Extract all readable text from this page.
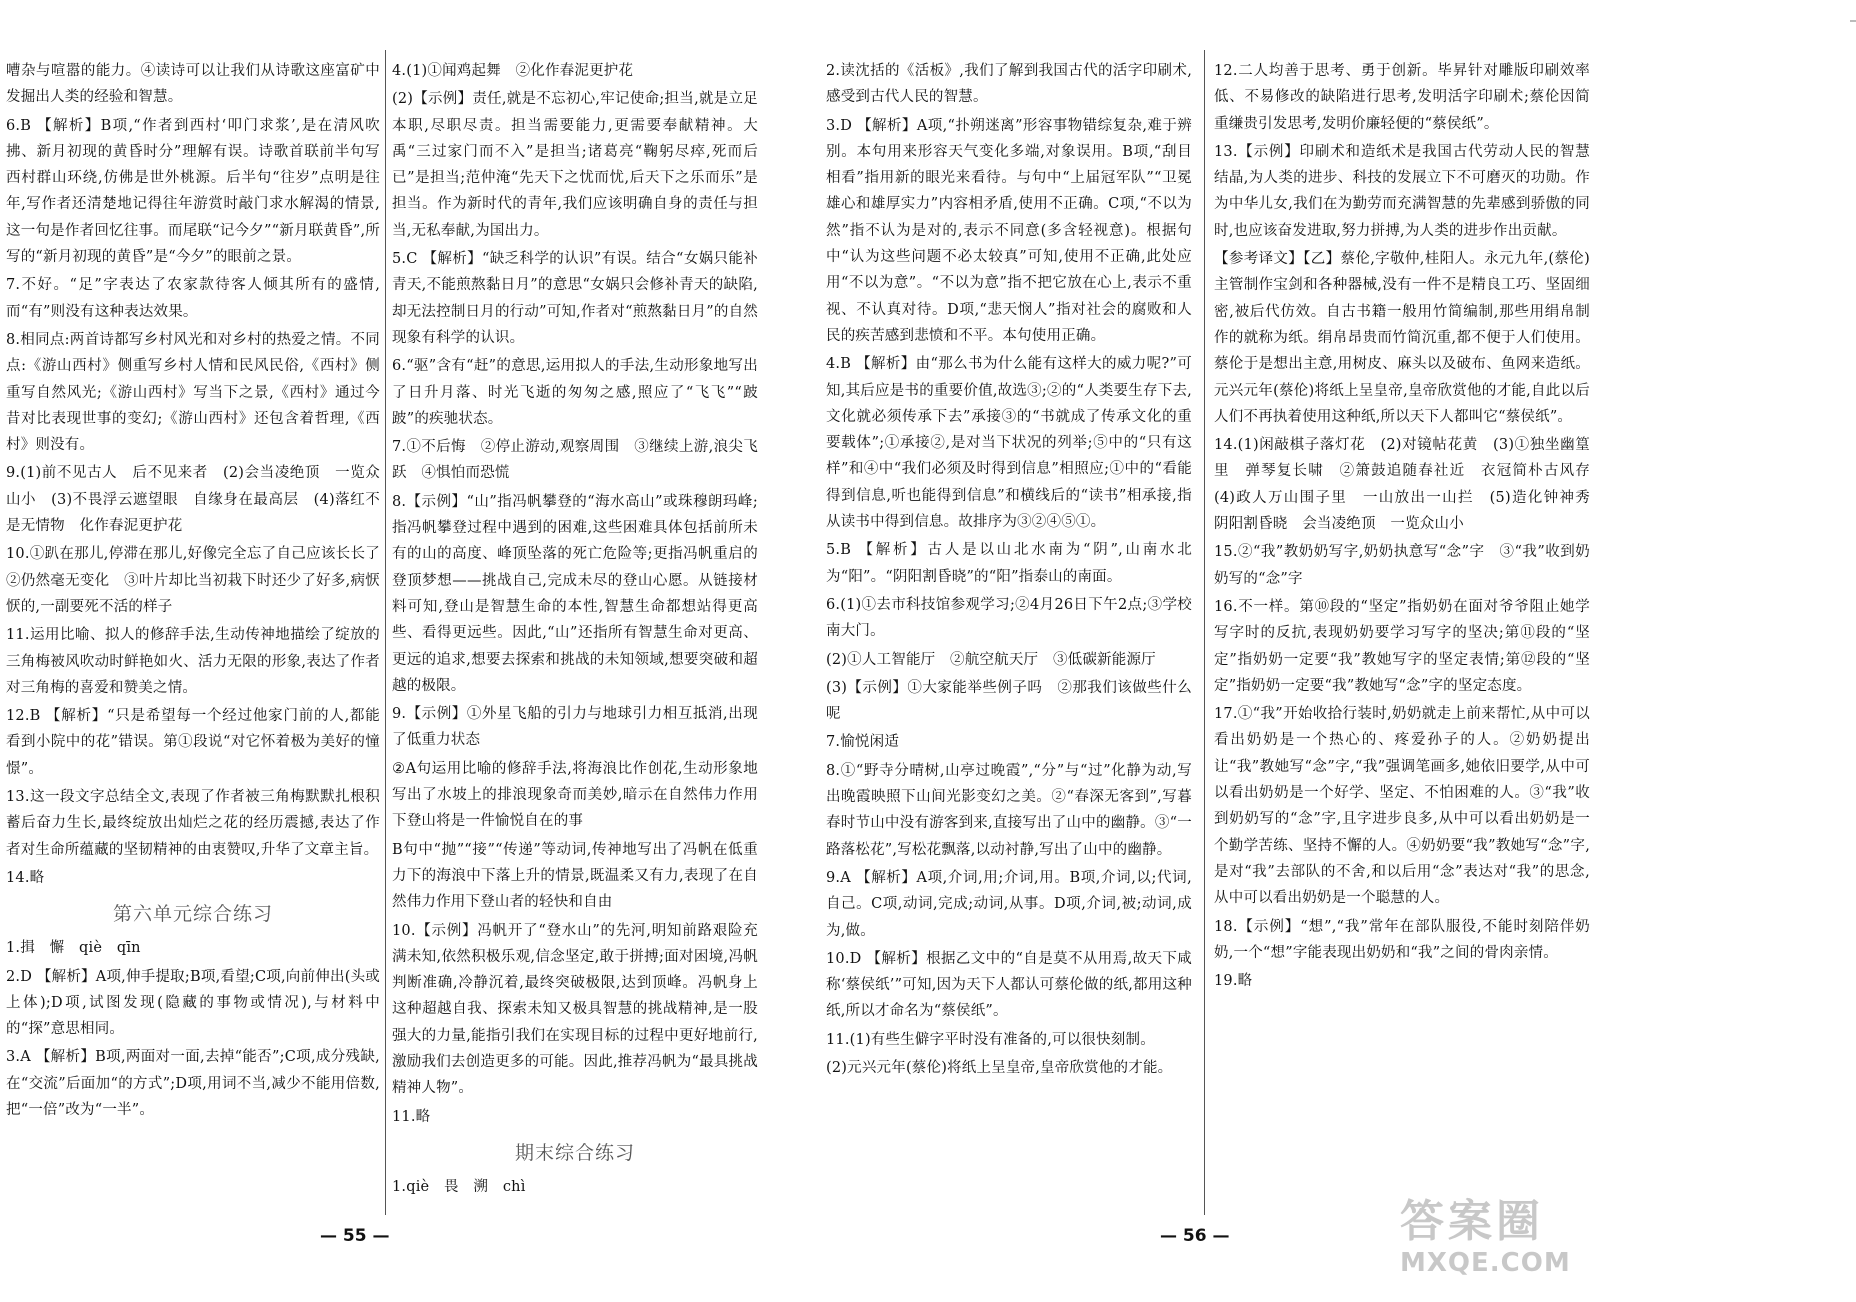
嘈杂与喧嚣的能力。④读诗可以让我们从诗歌这座富矿中发掘出人类的经验和智慧。

6.B 【解析】B项,“作者到西村‘叩门求浆’,是在清风吹拂、新月初现的黄昏时分”理解有误。诗歌首联前半句写西村群山环绕,仿佛是世外桃源。后半句“往岁”点明是往年,写作者还清楚地记得往年游赏时敲门求水解渴的情景,这一句是作者回忆往事。而尾联“记今夕”“新月联黄昏”,所写的“新月初现的黄昏”是“今夕”的眼前之景。

7.不好。“足”字表达了农家款待客人倾其所有的盛情,而“有”则没有这种表达效果。

8.相同点:两首诗都写乡村风光和对乡村的热爱之情。不同点:《游山西村》侧重写乡村人情和民风民俗,《西村》侧重写自然风光;《游山西村》写当下之景,《西村》通过今昔对比表现世事的变幻;《游山西村》还包含着哲理,《西村》则没有。

9.(1)前不见古人　后不见来者　(2)会当凌绝顶　一览众山小　(3)不畏浮云遮望眼　自缘身在最高层　(4)落红不是无情物　化作春泥更护花

10.①趴在那儿,停滞在那儿,好像完全忘了自己应该长长了　②仍然毫无变化　③叶片却比当初栽下时还少了好多,病恹恹的,一副要死不活的样子

11.运用比喻、拟人的修辞手法,生动传神地描绘了绽放的三角梅被风吹动时鲜艳如火、活力无限的形象,表达了作者对三角梅的喜爱和赞美之情。

12.B 【解析】“只是希望每一个经过他家门前的人,都能看到小院中的花”错误。第①段说“对它怀着极为美好的憧憬”。

13.这一段文字总结全文,表现了作者被三角梅默默扎根积蓄后奋力生长,最终绽放出灿烂之花的经历震撼,表达了作者对生命所蕴藏的坚韧精神的由衷赞叹,升华了文章主旨。

14.略

第六单元综合练习

1.揖　懈　qiè　qīn

2.D 【解析】A项,伸手提取;B项,看望;C项,向前伸出(头或上体);D项,试图发现(隐藏的事物或情况),与材料中的“探”意思相同。

3.A 【解析】B项,两面对一面,去掉“能否”;C项,成分残缺,在“交流”后面加“的方式”;D项,用词不当,减少不能用倍数,把“一倍”改为“一半”。

4.(1)①闻鸡起舞　②化作春泥更护花

(2)【示例】责任,就是不忘初心,牢记使命;担当,就是立足本职,尽职尽责。担当需要能力,更需要奉献精神。大禹“三过家门而不入”是担当;诸葛亮“鞠躬尽瘁,死而后已”是担当;范仲淹“先天下之忧而忧,后天下之乐而乐”是担当。作为新时代的青年,我们应该明确自身的责任与担当,无私奉献,为国出力。

5.C 【解析】“缺乏科学的认识”有误。结合“女娲只能补青天,不能煎熬黏日月”的意思“女娲只会修补青天的缺陷,却无法控制日月的行动”可知,作者对“煎熬黏日月”的自然现象有科学的认识。

6.“驱”含有“赶”的意思,运用拟人的手法,生动形象地写出了日升月落、时光飞逝的匆匆之感,照应了“飞飞”“跛跛”的疾驰状态。

7.①不后悔　②停止游动,观察周围　③继续上游,浪尖飞跃　④惧怕而恐慌

8.【示例】“山”指冯帆攀登的“海水高山”或珠穆朗玛峰;指冯帆攀登过程中遇到的困难,这些困难具体包括前所未有的山的高度、峰顶坠落的死亡危险等;更指冯帆重启的登顶梦想——挑战自己,完成未尽的登山心愿。从链接材料可知,登山是智慧生命的本性,智慧生命都想站得更高些、看得更远些。因此,“山”还指所有智慧生命对更高、更远的追求,想要去探索和挑战的未知领域,想要突破和超越的极限。

9.【示例】①外星飞船的引力与地球引力相互抵消,出现了低重力状态

②A句运用比喻的修辞手法,将海浪比作创花,生动形象地写出了水坡上的排浪现象奇而美妙,暗示在自然伟力作用下登山将是一件愉悦自在的事

B句中“抛”“接”“传递”等动词,传神地写出了冯帆在低重力下的海浪中下落上升的情景,既温柔又有力,表现了在自然伟力作用下登山者的轻快和自由

10.【示例】冯帆开了“登水山”的先河,明知前路艰险充满未知,依然积极乐观,信念坚定,敢于拼搏;面对困境,冯帆判断准确,冷静沉着,最终突破极限,达到顶峰。冯帆身上这种超越自我、探索未知又极具智慧的挑战精神,是一股强大的力量,能指引我们在实现目标的过程中更好地前行,激励我们去创造更多的可能。因此,推荐冯帆为“最具挑战精神人物”。

11.略

期末综合练习

1.qiè　畏　溯　chì

— 55 —

2.读沈括的《活板》,我们了解到我国古代的活字印刷术,感受到古代人民的智慧。

3.D 【解析】A项,“扑朔迷离”形容事物错综复杂,难于辨别。本句用来形容天气变化多端,对象误用。B项,“刮目相看”指用新的眼光来看待。与句中“上届冠军队”“卫冕雄心和雄厚实力”内容相矛盾,使用不正确。C项,“不以为然”指不认为是对的,表示不同意(多含轻视意)。根据句中“认为这些问题不必太较真”可知,使用不正确,此处应用“不以为意”。“不以为意”指不把它放在心上,表示不重视、不认真对待。D项,“悲天悯人”指对社会的腐败和人民的疾苦感到悲愤和不平。本句使用正确。

4.B 【解析】由“那么书为什么能有这样大的威力呢?”可知,其后应是书的重要价值,故选③;②的“人类要生存下去,文化就必须传承下去”承接③的“书就成了传承文化的重要载体”;①承接②,是对当下状况的列举;⑤中的“只有这样”和④中“我们必须及时得到信息”相照应;①中的“看能得到信息,听也能得到信息”和横线后的“读书”相承接,指从读书中得到信息。故排序为③②④⑤①。

5.B 【解析】古人是以山北水南为“阴”,山南水北为“阳”。“阴阳割昏晓”的“阳”指泰山的南面。

6.(1)①去市科技馆参观学习;②4月26日下午2点;③学校南大门。

(2)①人工智能厅　②航空航天厅　③低碳新能源厅

(3)【示例】①大家能举些例子吗　②那我们该做些什么呢

7.愉悦闲适

8.①“野寺分晴树,山亭过晚霞”,“分”与“过”化静为动,写出晚霞映照下山间光影变幻之美。②“春深无客到”,写暮春时节山中没有游客到来,直接写出了山中的幽静。③“一路落松花”,写松花飘落,以动衬静,写出了山中的幽静。

9.A 【解析】A项,介词,用;介词,用。B项,介词,以;代词,自己。C项,动词,完成;动词,从事。D项,介词,被;动词,成为,做。

10.D 【解析】根据乙文中的“自是莫不从用焉,故天下咸称‘蔡侯纸’”可知,因为天下人都认可蔡伦做的纸,都用这种纸,所以才命名为“蔡侯纸”。

11.(1)有些生僻字平时没有准备的,可以很快刻制。

(2)元兴元年(蔡伦)将纸上呈皇帝,皇帝欣赏他的才能。

12.二人均善于思考、勇于创新。毕昇针对雕版印刷效率低、不易修改的缺陷进行思考,发明活字印刷术;蔡伦因简重缣贵引发思考,发明价廉轻便的“蔡侯纸”。

13.【示例】印刷术和造纸术是我国古代劳动人民的智慧结晶,为人类的进步、科技的发展立下不可磨灭的功勋。作为中华儿女,我们在为勤劳而充满智慧的先辈感到骄傲的同时,也应该奋发进取,努力拼搏,为人类的进步作出贡献。

【参考译文】【乙】蔡伦,字敬仲,桂阳人。永元九年,(蔡伦)主管制作宝剑和各种器械,没有一件不是精良工巧、坚固细密,被后代仿效。自古书籍一般用竹简编制,那些用绢帛制作的就称为纸。绢帛昂贵而竹简沉重,都不便于人们使用。蔡伦于是想出主意,用树皮、麻头以及破布、鱼网来造纸。元兴元年(蔡伦)将纸上呈皇帝,皇帝欣赏他的才能,自此以后人们不再执着使用这种纸,所以天下人都叫它“蔡侯纸”。

14.(1)闲敲棋子落灯花　(2)对镜帖花黄　(3)①独坐幽篁里　弹琴复长啸　②箫鼓追随春社近　衣冠简朴古风存　(4)政人万山围子里　一山放出一山拦　(5)造化钟神秀　阴阳割昏晓　会当凌绝顶　一览众山小

15.②“我”教奶奶写字,奶奶执意写“念”字　③“我”收到奶奶写的“念”字

16.不一样。第⑩段的“坚定”指奶奶在面对爷爷阻止她学写字时的反抗,表现奶奶要学习写字的坚决;第⑪段的“坚定”指奶奶一定要“我”教她写字的坚定表情;第⑫段的“坚定”指奶奶一定要“我”教她写“念”字的坚定态度。

17.①“我”开始收拾行装时,奶奶就走上前来帮忙,从中可以看出奶奶是一个热心的、疼爱孙子的人。②奶奶提出让“我”教她写“念”字,“我”强调笔画多,她依旧要学,从中可以看出奶奶是一个好学、坚定、不怕困难的人。③“我”收到奶奶写的“念”字,且字进步良多,从中可以看出奶奶是一个勤学苦练、坚持不懈的人。④奶奶要“我”教她写“念”字,是对“我”去部队的不舍,和以后用“念”表达对“我”的思念,从中可以看出奶奶是一个聪慧的人。

18.【示例】“想”,“我”常年在部队服役,不能时刻陪伴奶奶,一个“想”字能表现出奶奶和“我”之间的骨肉亲情。

19.略

— 56 —	答案圈
MXQE.COM
